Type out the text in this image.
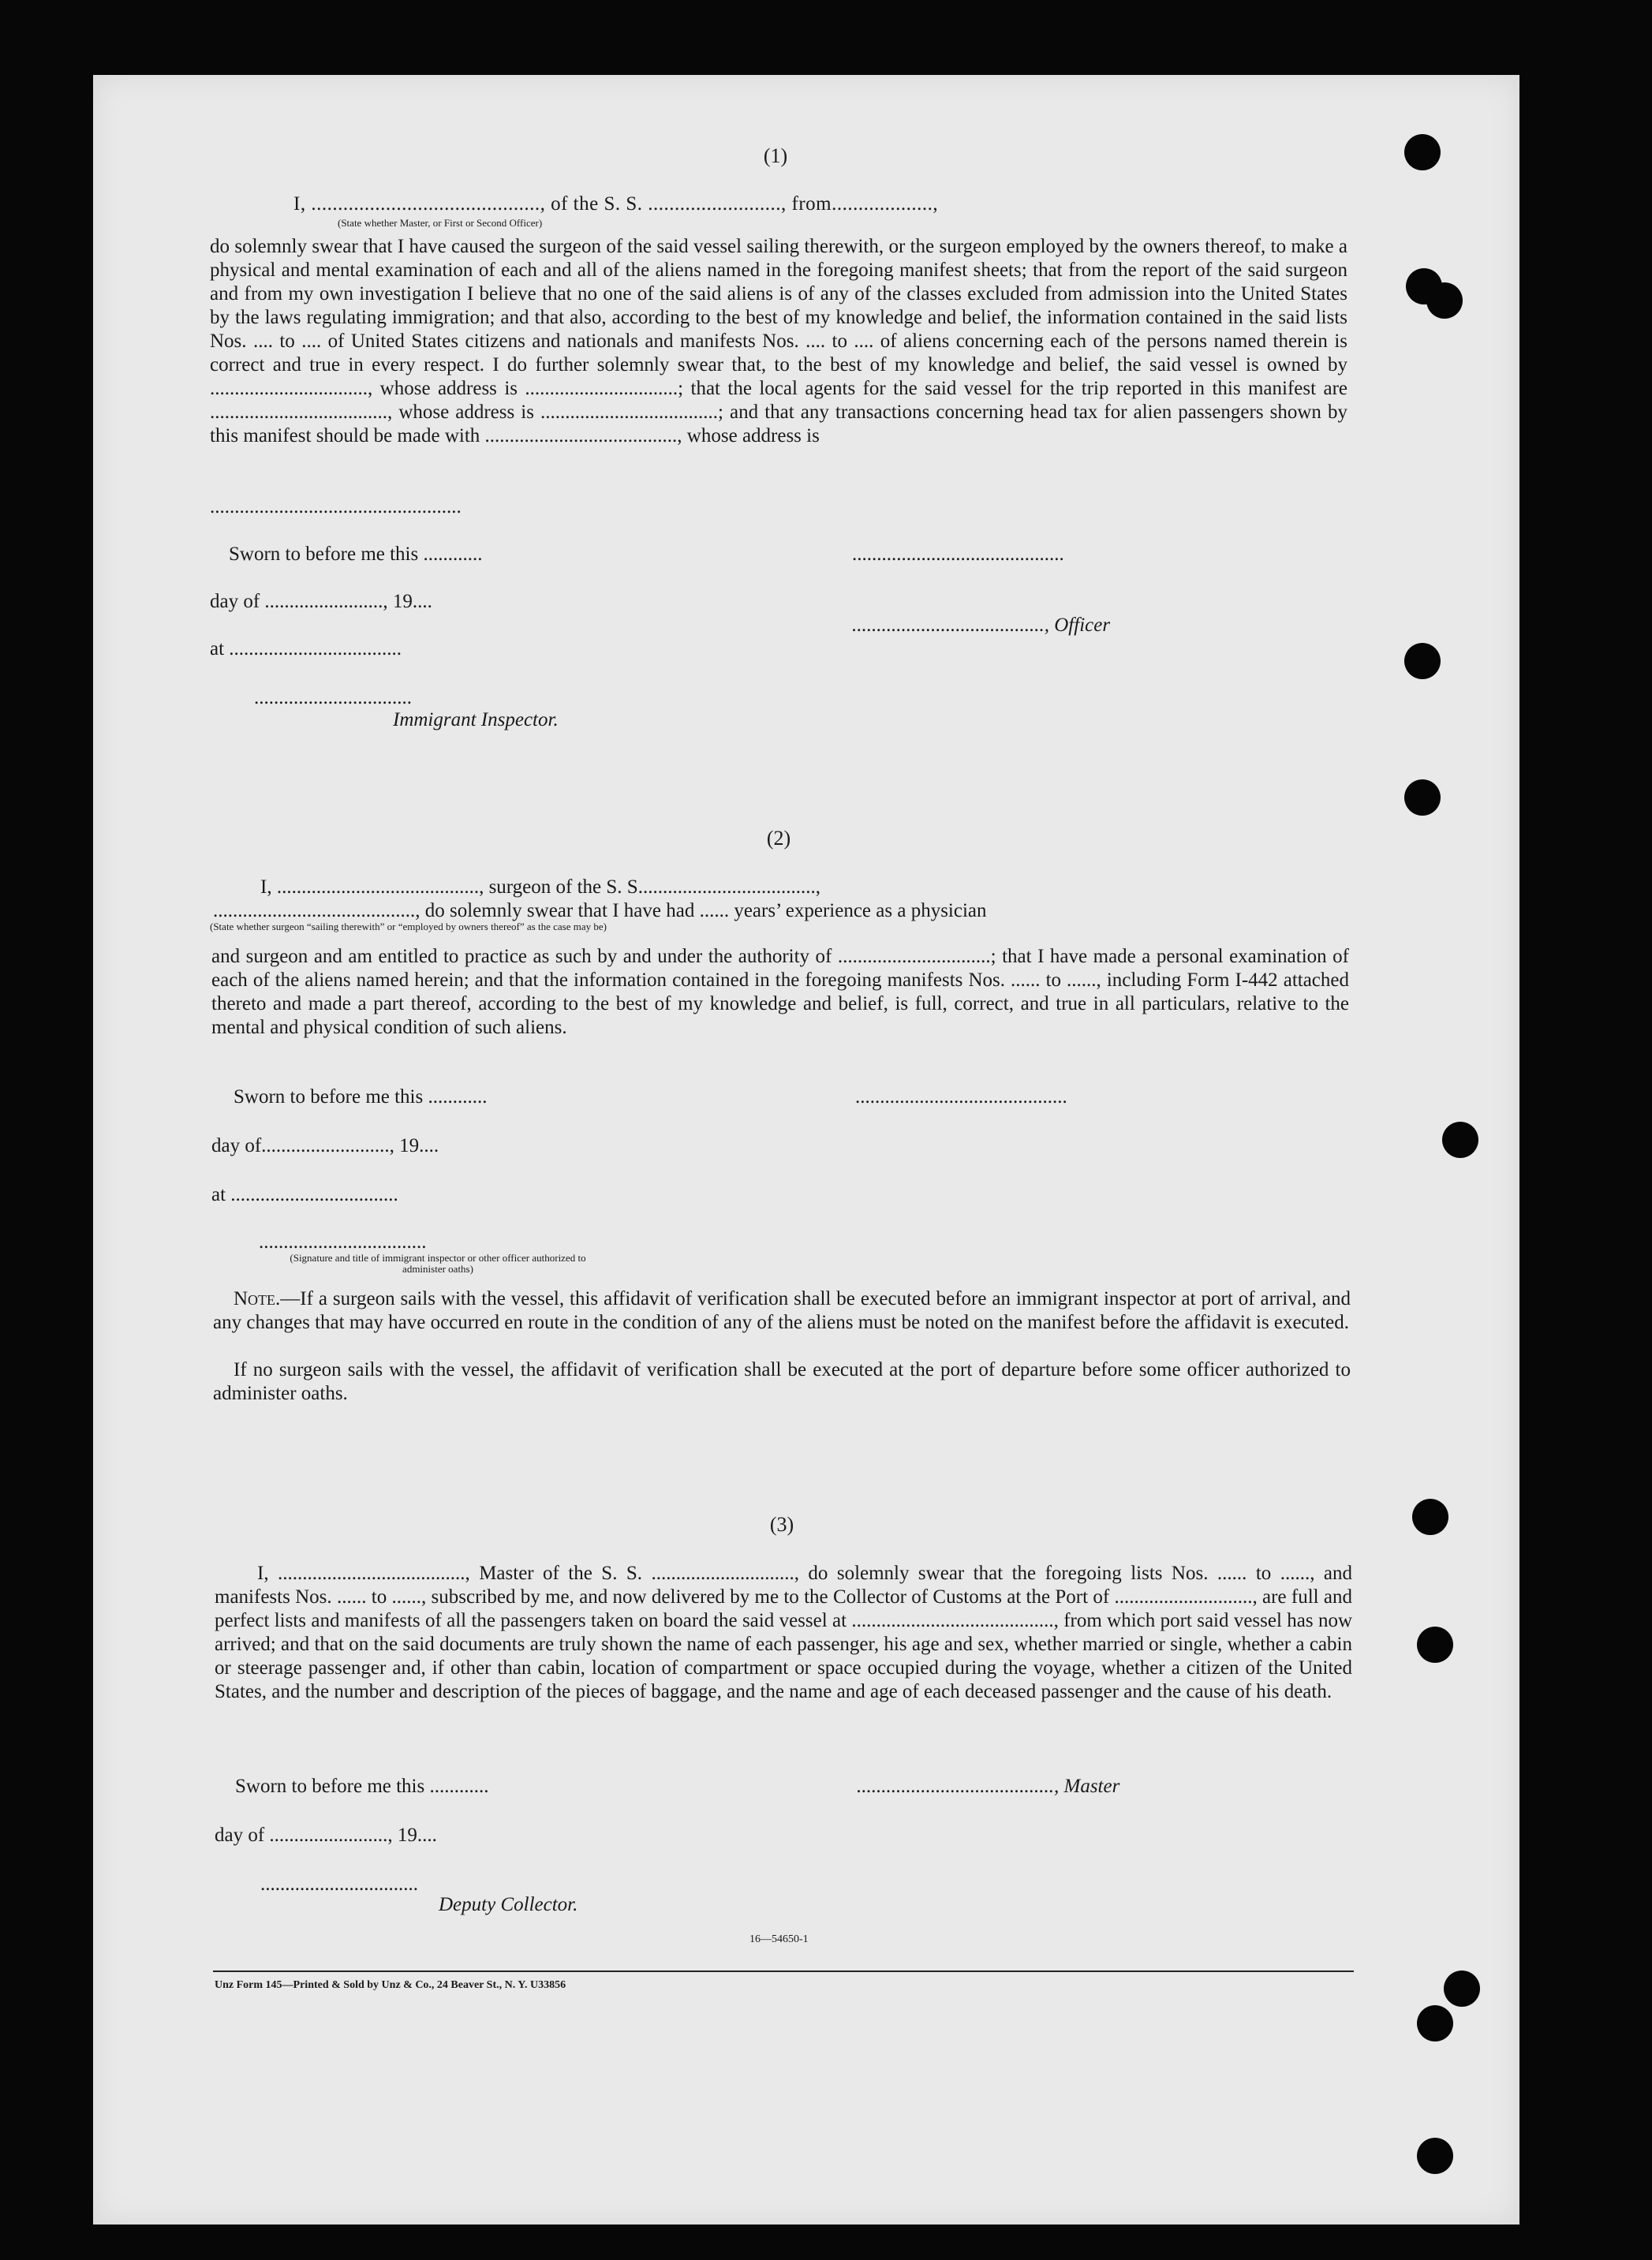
(1)
I, ..........................................., of the S. S. ........................., from...................,
(State whether Master, or First or Second Officer)
do solemnly swear that I have caused the surgeon of the said vessel sailing therewith, or the surgeon employed by the owners thereof, to make a physical and mental examination of each and all of the aliens named in the foregoing manifest sheets; that from the report of the said surgeon and from my own investigation I believe that no one of the said aliens is of any of the classes excluded from admission into the United States by the laws regulating immigration; and that also, according to the best of my knowledge and belief, the information contained in the said lists Nos. .... to .... of United States citizens and nationals and manifests Nos. .... to .... of aliens concerning each of the persons named therein is correct and true in every respect. I do further solemnly swear that, to the best of my knowledge and belief, the said vessel is owned by ................................, whose address is ...............................; that the local agents for the said vessel for the trip reported in this manifest are ...................................., whose address is ....................................; and that any transactions concerning head tax for alien passengers shown by this manifest should be made with ......................................., whose address is
...................................................
Sworn to before me this ............	...........................................
day of ........................, 19....
......................................., Officer
at ...................................
................................
Immigrant Inspector.
(2)
I, ........................................., surgeon of the S. S....................................,
........................................., do solemnly swear that I have had ...... years’ experience as a physician
(State whether surgeon “sailing therewith” or “employed by owners thereof” as the case may be)
and surgeon and am entitled to practice as such by and under the authority of ...............................; that I have made a personal examination of each of the aliens named herein; and that the information contained in the foregoing manifests Nos. ...... to ......, including Form I-442 attached thereto and made a part thereof, according to the best of my knowledge and belief, is full, correct, and true in all particulars, relative to the mental and physical condition of such aliens.
Sworn to before me this ............	...........................................
day of.........................., 19....
at ..................................
..................................
(Signature and title of immigrant inspector or other officer authorized to administer oaths)
Note.—If a surgeon sails with the vessel, this affidavit of verification shall be executed before an immigrant inspector at port of arrival, and any changes that may have occurred en route in the condition of any of the aliens must be noted on the manifest before the affidavit is executed.
If no surgeon sails with the vessel, the affidavit of verification shall be executed at the port of departure before some officer authorized to administer oaths.
(3)
I, ......................................, Master of the S. S. ............................., do solemnly swear that the foregoing lists Nos. ...... to ......, and manifests Nos. ...... to ......, subscribed by me, and now delivered by me to the Collector of Customs at the Port of ............................, are full and perfect lists and manifests of all the passengers taken on board the said vessel at ........................................., from which port said vessel has now arrived; and that on the said documents are truly shown the name of each passenger, his age and sex, whether married or single, whether a cabin or steerage passenger and, if other than cabin, location of compartment or space occupied during the voyage, whether a citizen of the United States, and the number and description of the pieces of baggage, and the name and age of each deceased passenger and the cause of his death.
Sworn to before me this ............	........................................, Master
day of ........................, 19....
................................
Deputy Collector.
16—54650-1
Unz Form 145—Printed & Sold by Unz & Co., 24 Beaver St., N. Y. U33856
